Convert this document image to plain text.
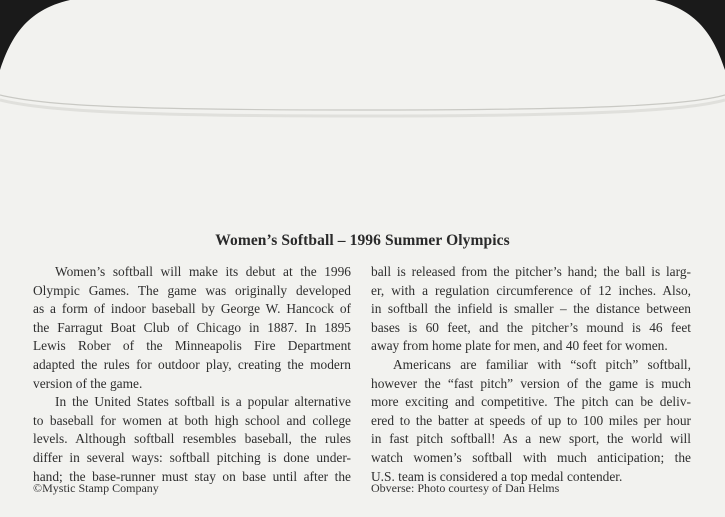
Women’s Softball – 1996 Summer Olympics
Women’s softball will make its debut at the 1996
Olympic Games. The game was originally developed
as a form of indoor baseball by George W. Hancock of
the Farragut Boat Club of Chicago in 1887. In 1895
Lewis Rober of the Minneapolis Fire Department
adapted the rules for outdoor play, creating the modern
version of the game.
In the United States softball is a popular alternative
to baseball for women at both high school and college
levels. Although softball resembles baseball, the rules
differ in several ways: softball pitching is done under-
hand; the base-runner must stay on base until after the
ball is released from the pitcher’s hand; the ball is larg-
er, with a regulation circumference of 12 inches. Also,
in softball the infield is smaller – the distance between
bases is 60 feet, and the pitcher’s mound is 46 feet
away from home plate for men, and 40 feet for women.
Americans are familiar with “soft pitch” softball,
however the “fast pitch” version of the game is much
more exciting and competitive. The pitch can be deliv-
ered to the batter at speeds of up to 100 miles per hour
in fast pitch softball! As a new sport, the world will
watch women’s softball with much anticipation; the
U.S. team is considered a top medal contender.
©Mystic Stamp Company	Obverse: Photo courtesy of Dan Helms
